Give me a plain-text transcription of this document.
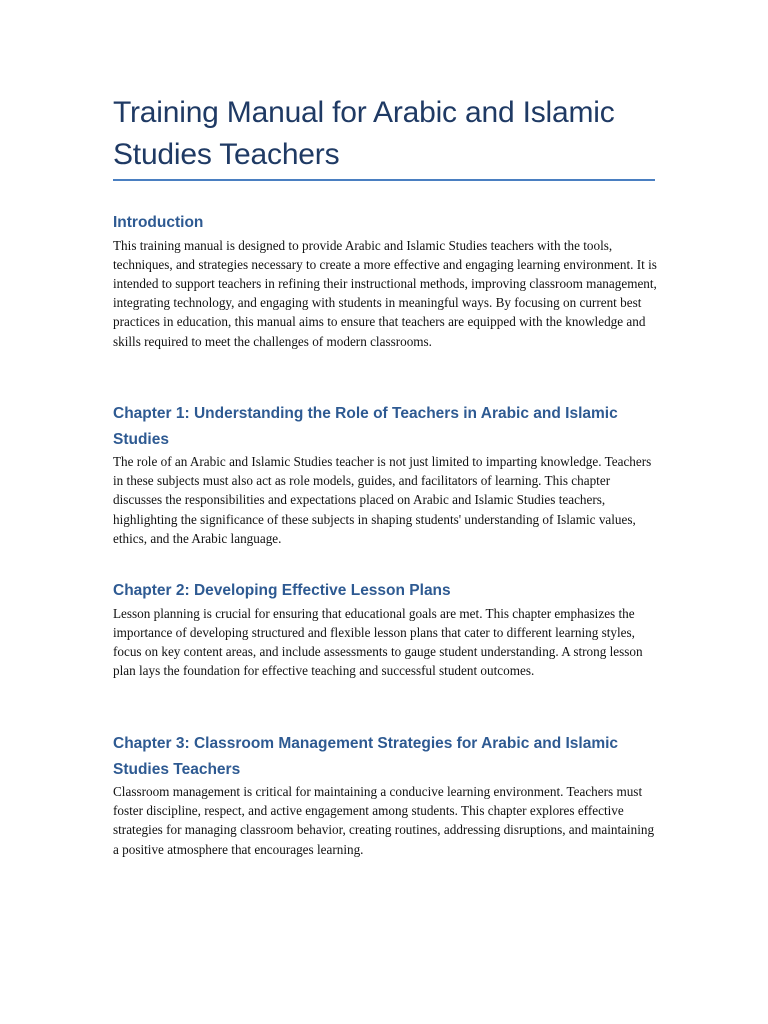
Training Manual for Arabic and Islamic Studies Teachers
Introduction

This training manual is designed to provide Arabic and Islamic Studies teachers with the tools, techniques, and strategies necessary to create a more effective and engaging learning environment. It is intended to support teachers in refining their instructional methods, improving classroom management, integrating technology, and engaging with students in meaningful ways. By focusing on current best practices in education, this manual aims to ensure that teachers are equipped with the knowledge and skills required to meet the challenges of modern classrooms.

Chapter 1: Understanding the Role of Teachers in Arabic and Islamic Studies

The role of an Arabic and Islamic Studies teacher is not just limited to imparting knowledge. Teachers in these subjects must also act as role models, guides, and facilitators of learning. This chapter discusses the responsibilities and expectations placed on Arabic and Islamic Studies teachers, highlighting the significance of these subjects in shaping students' understanding of Islamic values, ethics, and the Arabic language.

Chapter 2: Developing Effective Lesson Plans

Lesson planning is crucial for ensuring that educational goals are met. This chapter emphasizes the importance of developing structured and flexible lesson plans that cater to different learning styles, focus on key content areas, and include assessments to gauge student understanding. A strong lesson plan lays the foundation for effective teaching and successful student outcomes.

Chapter 3: Classroom Management Strategies for Arabic and Islamic Studies Teachers

Classroom management is critical for maintaining a conducive learning environment. Teachers must foster discipline, respect, and active engagement among students. This chapter explores effective strategies for managing classroom behavior, creating routines, addressing disruptions, and maintaining a positive atmosphere that encourages learning.
